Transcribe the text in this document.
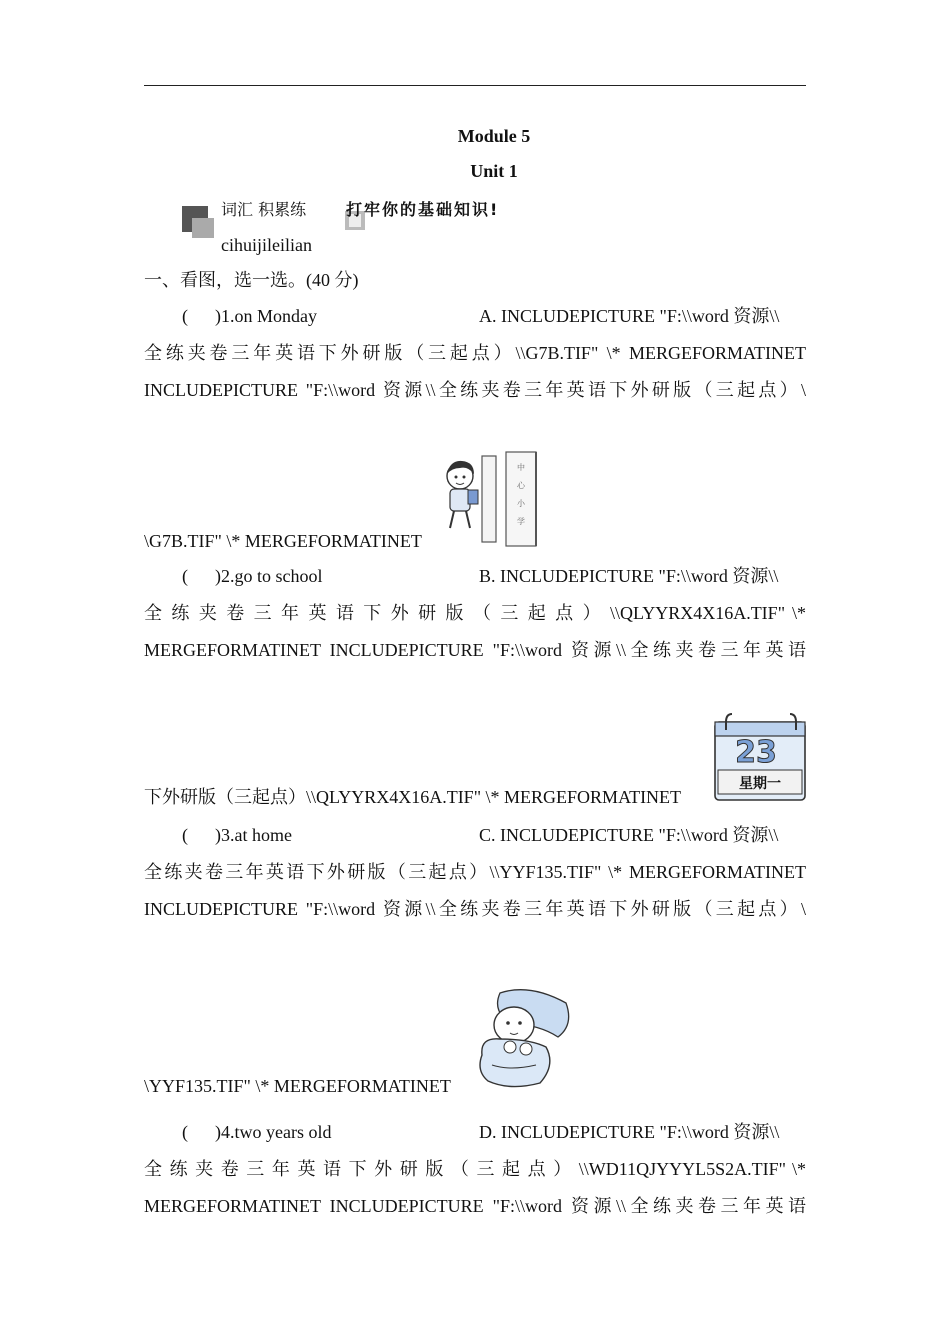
Module 5
Unit 1
词汇 积累练	打牢你的基础知识!
cihuijileilian
一、看图，选一选。(40 分)
(      )1.on Monday	A. INCLUDEPICTURE "F:\\word 资源\\
全练夹卷三年英语下外研版（三起点）\\G7B.TIF" \* MERGEFORMATINET
INCLUDEPICTURE "F:\\word 资源\\全练夹卷三年英语下外研版（三起点）\
\G7B.TIF" \* MERGEFORMATINET
中
心
小
学
(      )2.go to school	B. INCLUDEPICTURE "F:\\word 资源\\
全 练 夹 卷 三 年 英 语 下 外 研 版 （ 三 起 点 ） \\QLYYRX4X16A.TIF" \*
MERGEFORMATINET INCLUDEPICTURE "F:\\word 资源\\全练夹卷三年英语
下外研版（三起点）\\QLYYRX4X16A.TIF" \* MERGEFORMATINET
23
星期一
(      )3.at home	C. INCLUDEPICTURE "F:\\word 资源\\
全练夹卷三年英语下外研版（三起点）\\YYF135.TIF" \* MERGEFORMATINET
INCLUDEPICTURE "F:\\word 资源\\全练夹卷三年英语下外研版（三起点）\
\YYF135.TIF" \* MERGEFORMATINET
(      )4.two years old	D. INCLUDEPICTURE "F:\\word 资源\\
全 练 夹 卷 三 年 英 语 下 外 研 版 （ 三 起 点 ） \\WD11QJYYYL5S2A.TIF" \*
MERGEFORMATINET INCLUDEPICTURE "F:\\word 资源\\全练夹卷三年英语
